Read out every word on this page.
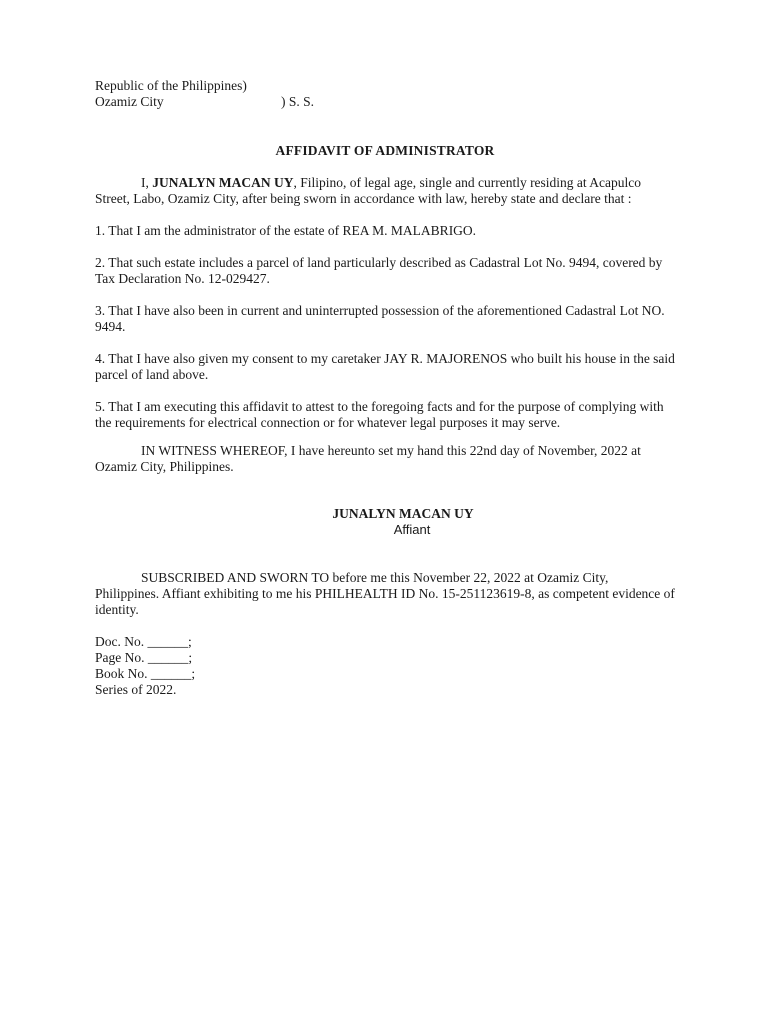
Republic of the Philippines)
Ozamiz City	) S. S.
AFFIDAVIT OF ADMINISTRATOR
I, JUNALYN MACAN UY, Filipino, of legal age, single and currently residing at Acapulco Street, Labo, Ozamiz City, after being sworn in accordance with law, hereby state and declare that :
1. That I am the administrator of the estate of REA M. MALABRIGO.
2. That such estate includes a parcel of land particularly described as Cadastral Lot No. 9494, covered by Tax Declaration No. 12-029427.
3. That I have also been in current and uninterrupted possession of the aforementioned Cadastral Lot NO. 9494.
4. That I have also given my consent to my caretaker JAY R. MAJORENOS who built his house in the said parcel of land above.
5. That I am executing this affidavit to attest to the foregoing facts and for the purpose of complying with the requirements for electrical connection or for whatever legal purposes it may serve.
IN WITNESS WHEREOF, I have hereunto set my hand this 22nd day of November, 2022 at Ozamiz City, Philippines.
JUNALYN MACAN UY
Affiant
SUBSCRIBED AND SWORN TO before me this November 22, 2022 at Ozamiz City, Philippines. Affiant exhibiting to me his PHILHEALTH ID No. 15-251123619-8, as competent evidence of identity.
Doc. No. ______;
Page No. ______;
Book No. ______;
Series of 2022.
